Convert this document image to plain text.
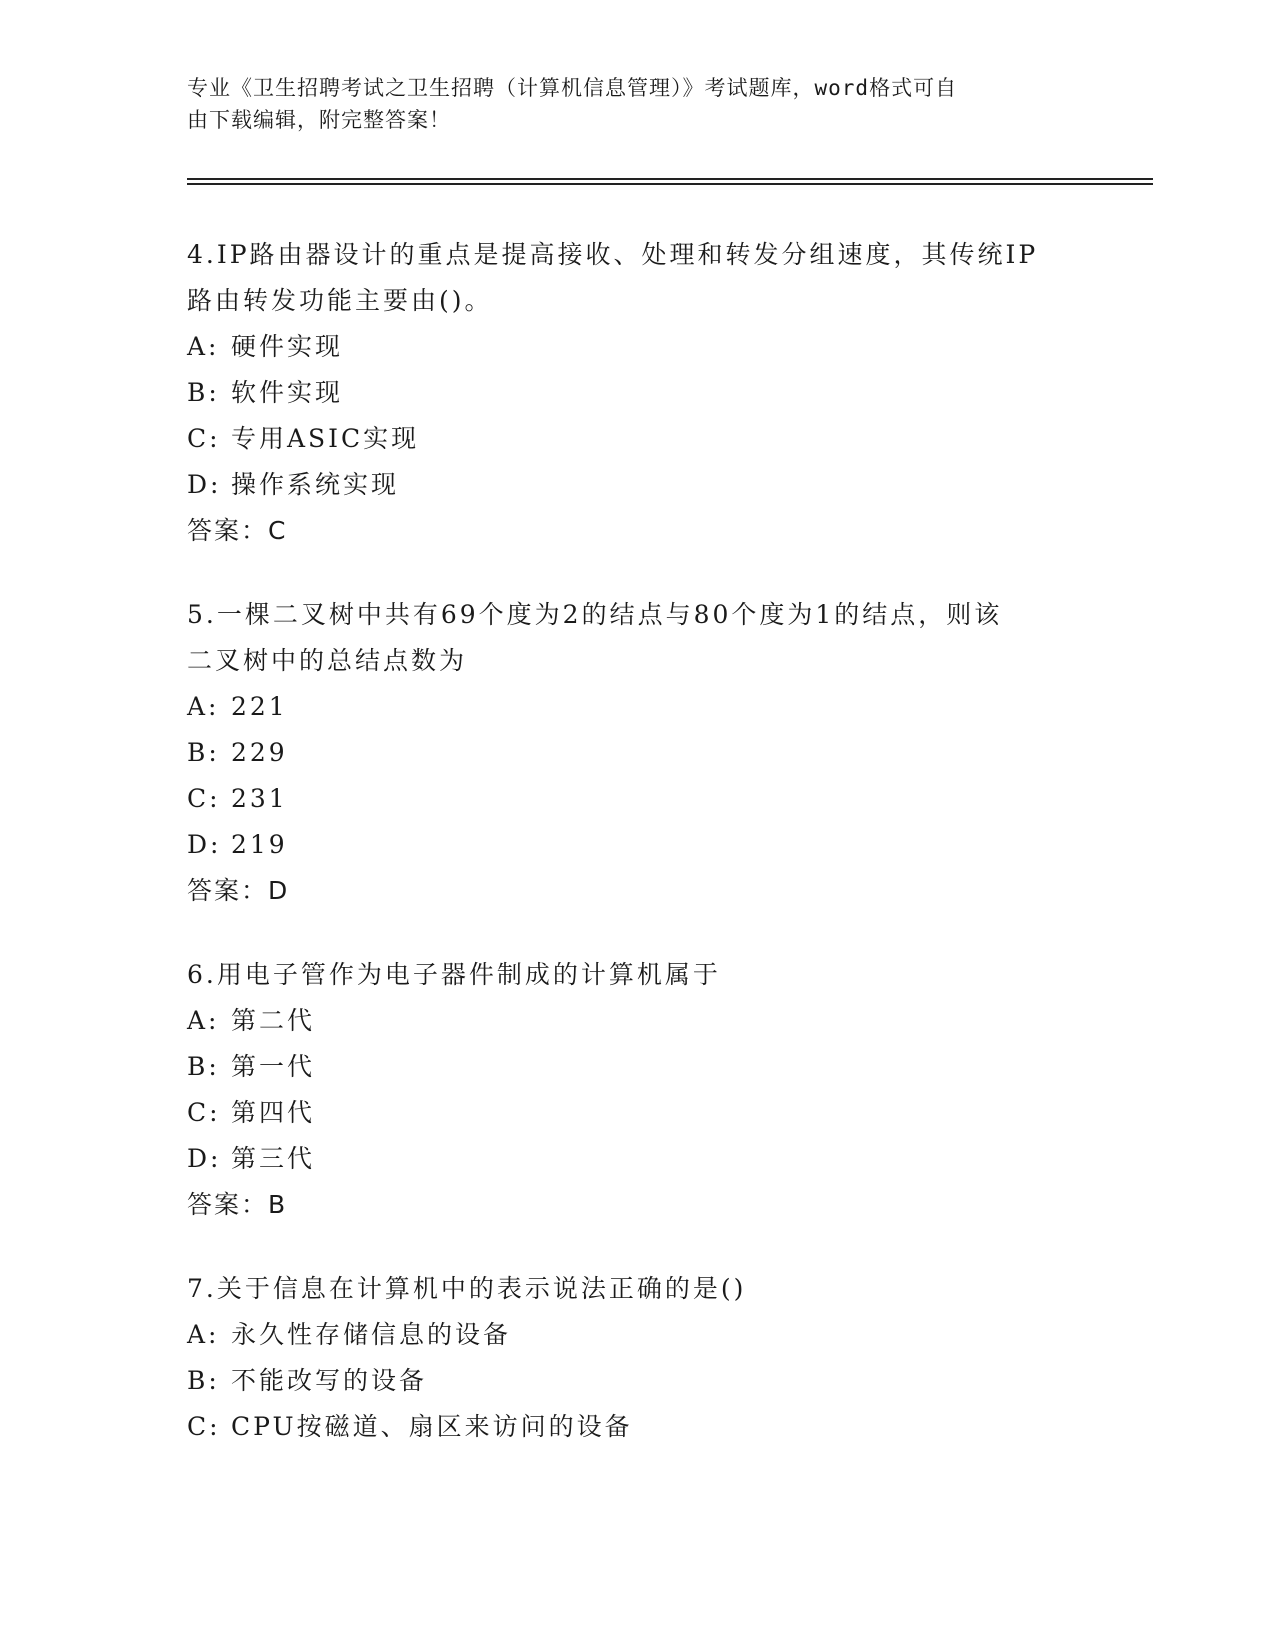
专业《卫生招聘考试之卫生招聘（计算机信息管理）》考试题库，word格式可自
由下载编辑，附完整答案！

4.IP路由器设计的重点是提高接收、处理和转发分组速度，其传统IP

路由转发功能主要由()。

A: 硬件实现

B: 软件实现

C: 专用ASIC实现

D: 操作系统实现

答案：C

5.一棵二叉树中共有69个度为2的结点与80个度为1的结点，则该

二叉树中的总结点数为

A: 221

B: 229

C: 231

D: 219

答案：D

6.用电子管作为电子器件制成的计算机属于

A: 第二代

B: 第一代

C: 第四代

D: 第三代

答案：B

7.关于信息在计算机中的表示说法正确的是()

A: 永久性存储信息的设备

B: 不能改写的设备

C: CPU按磁道、扇区来访问的设备
